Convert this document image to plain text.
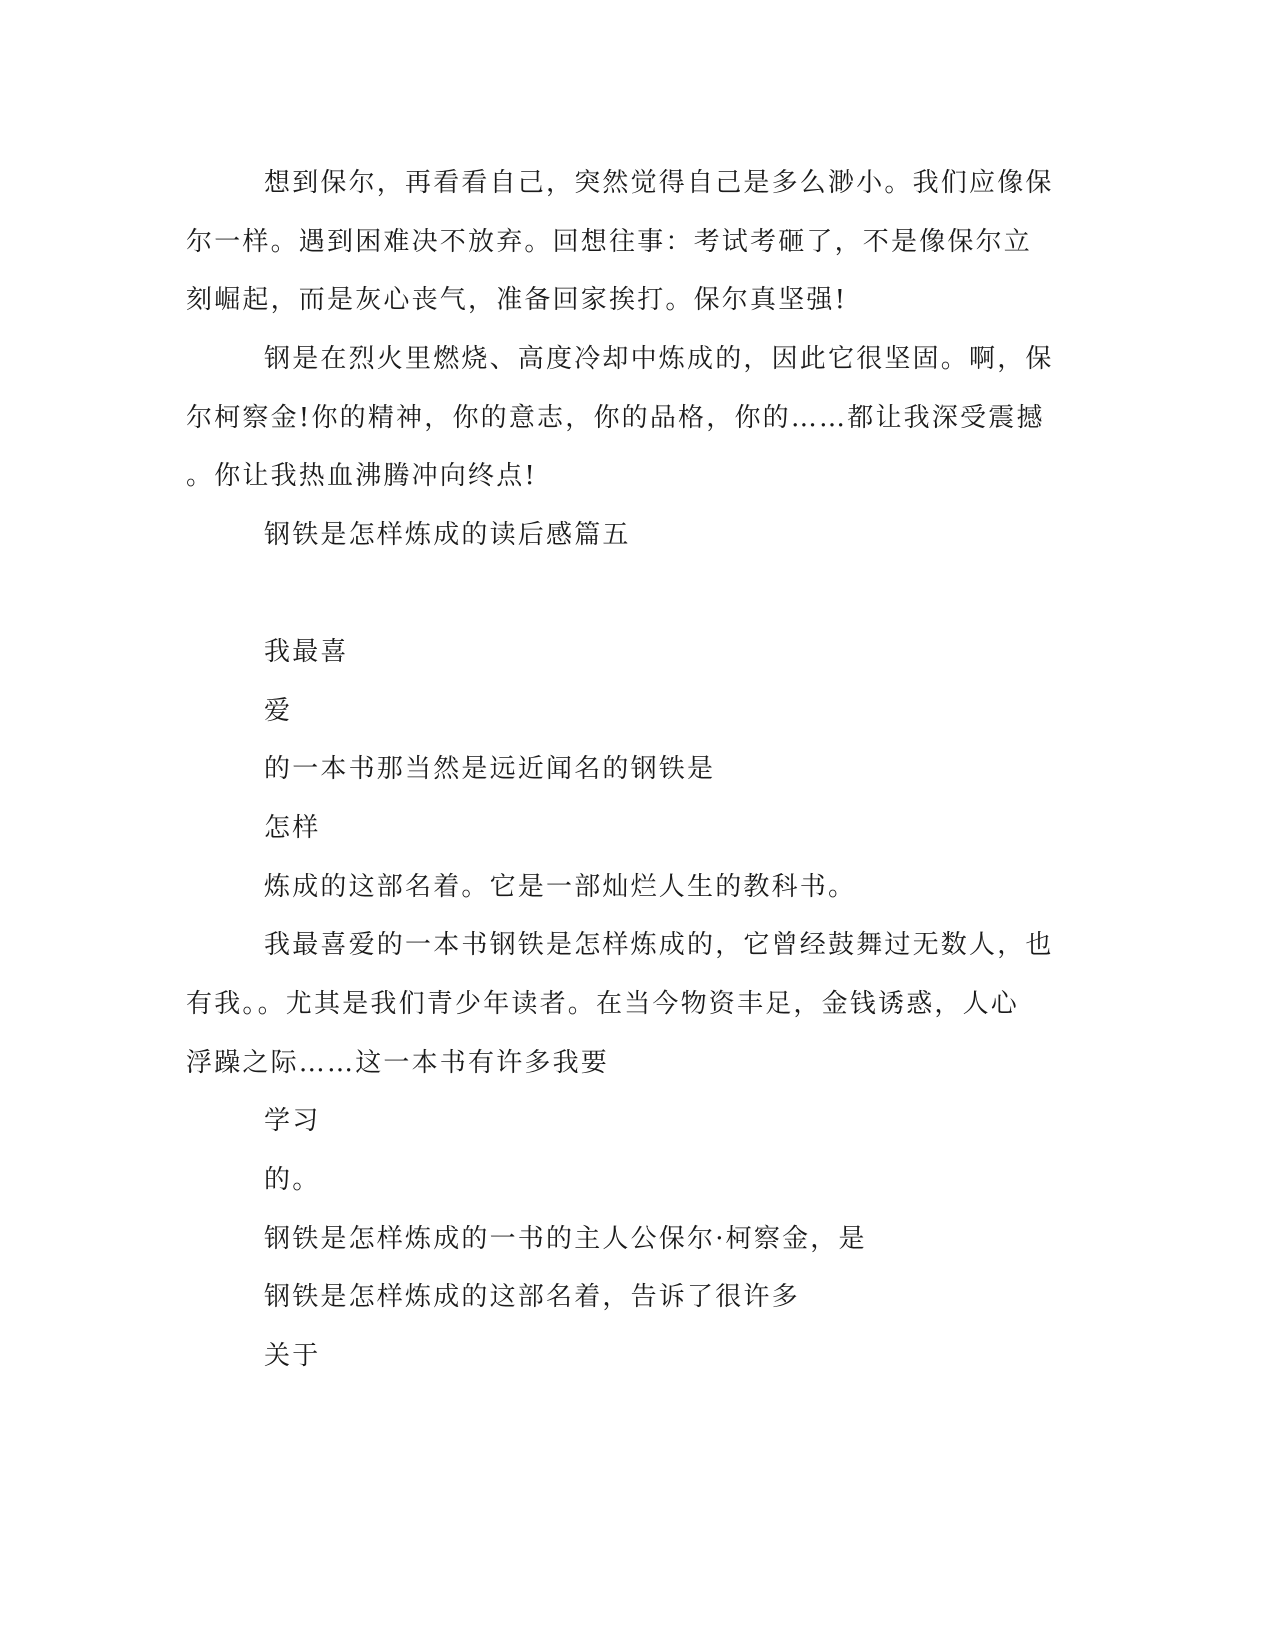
想到保尔，再看看自己，突然觉得自己是多么渺小。我们应像保
尔一样。遇到困难决不放弃。回想往事：考试考砸了，不是像保尔立
刻崛起，而是灰心丧气，准备回家挨打。保尔真坚强!
钢是在烈火里燃烧、高度冷却中炼成的，因此它很坚固。啊，保
尔柯察金!你的精神，你的意志，你的品格，你的……都让我深受震撼
。你让我热血沸腾冲向终点!
钢铁是怎样炼成的读后感篇五
我最喜
爱
的一本书那当然是远近闻名的钢铁是
怎样
炼成的这部名着。它是一部灿烂人生的教科书。
我最喜爱的一本书钢铁是怎样炼成的，它曾经鼓舞过无数人，也
有我。。尤其是我们青少年读者。在当今物资丰足，金钱诱惑，人心
浮躁之际……这一本书有许多我要
学习
的。
钢铁是怎样炼成的一书的主人公保尔·柯察金，是
钢铁是怎样炼成的这部名着，告诉了很许多
关于
